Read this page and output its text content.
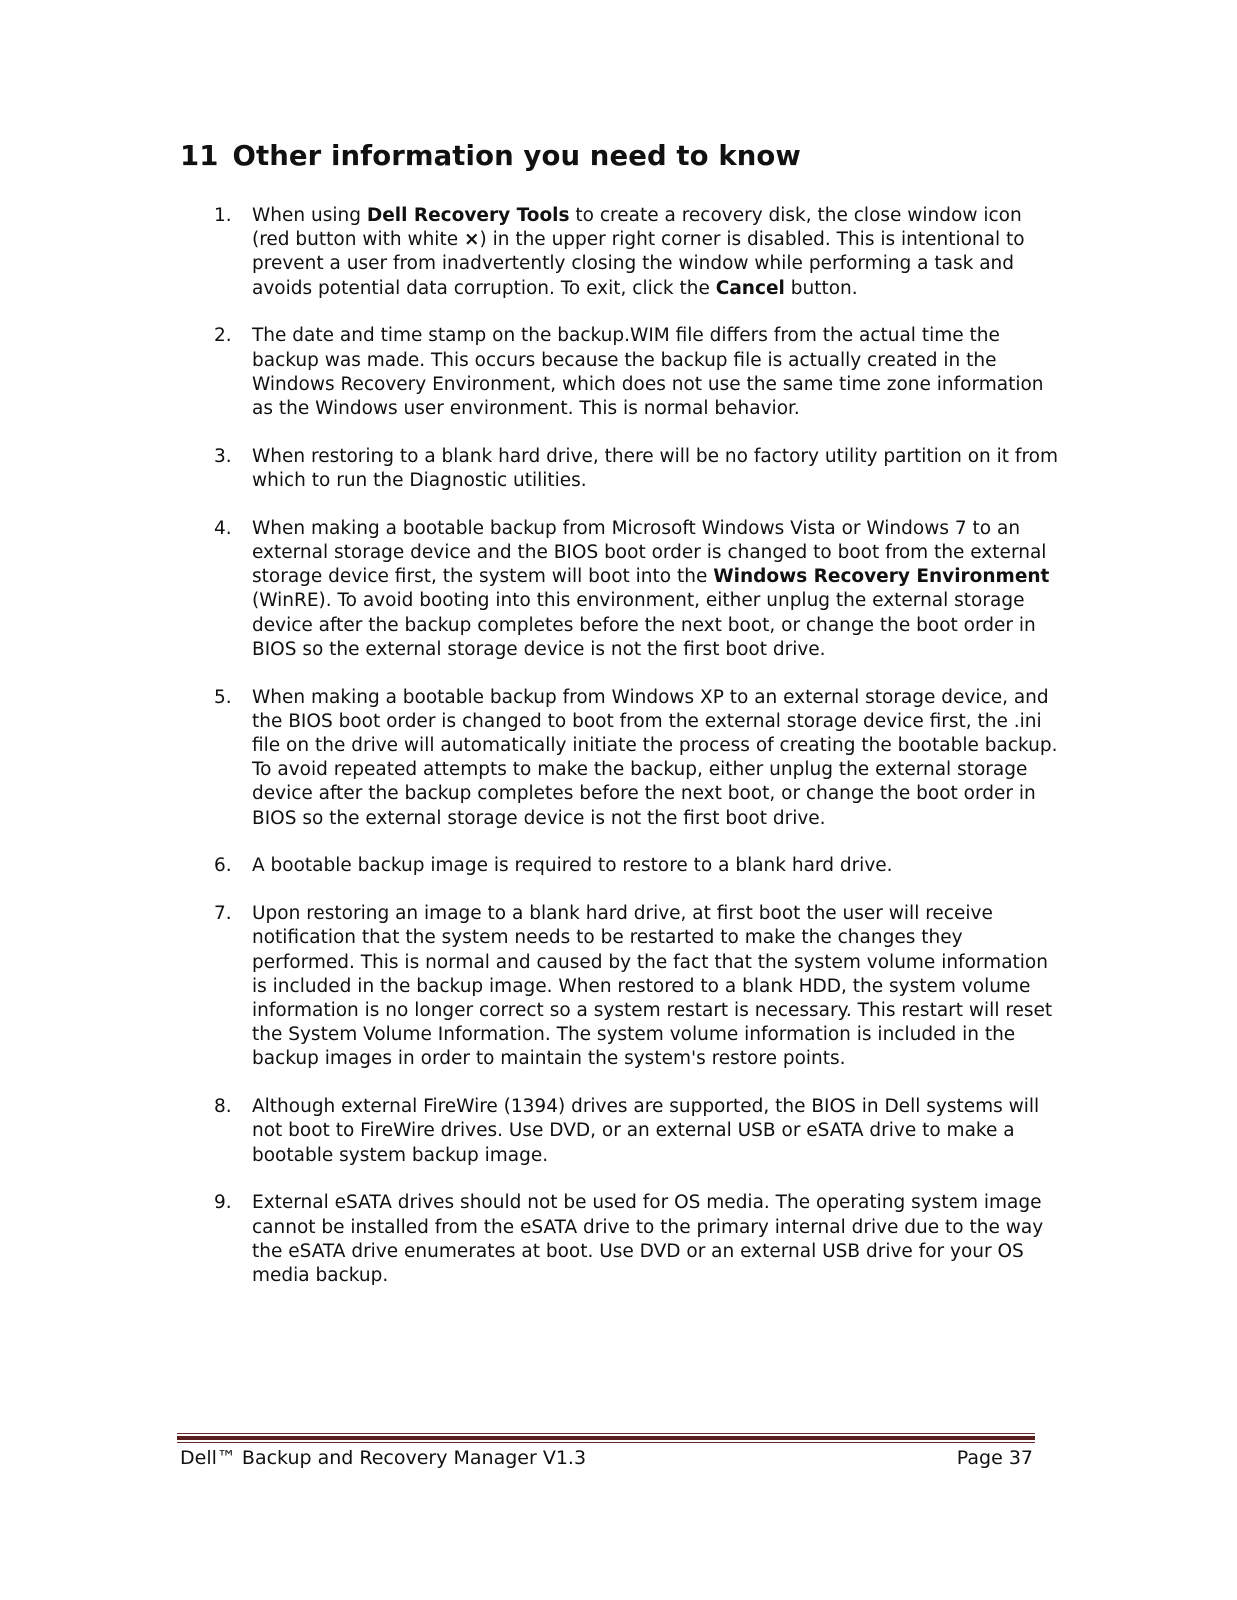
11 Other information you need to know
1. When using Dell Recovery Tools to create a recovery disk, the close window icon (red button with white ×) in the upper right corner is disabled. This is intentional to prevent a user from inadvertently closing the window while performing a task and avoids potential data corruption. To exit, click the Cancel button.
2. The date and time stamp on the backup.WIM file differs from the actual time the backup was made. This occurs because the backup file is actually created in the Windows Recovery Environment, which does not use the same time zone information as the Windows user environment. This is normal behavior.
3. When restoring to a blank hard drive, there will be no factory utility partition on it from which to run the Diagnostic utilities.
4. When making a bootable backup from Microsoft Windows Vista or Windows 7 to an external storage device and the BIOS boot order is changed to boot from the external storage device first, the system will boot into the Windows Recovery Environment (WinRE). To avoid booting into this environment, either unplug the external storage device after the backup completes before the next boot, or change the boot order in BIOS so the external storage device is not the first boot drive.
5. When making a bootable backup from Windows XP to an external storage device, and the BIOS boot order is changed to boot from the external storage device first, the .ini file on the drive will automatically initiate the process of creating the bootable backup. To avoid repeated attempts to make the backup, either unplug the external storage device after the backup completes before the next boot, or change the boot order in BIOS so the external storage device is not the first boot drive.
6. A bootable backup image is required to restore to a blank hard drive.
7. Upon restoring an image to a blank hard drive, at first boot the user will receive notification that the system needs to be restarted to make the changes they performed. This is normal and caused by the fact that the system volume information is included in the backup image. When restored to a blank HDD, the system volume information is no longer correct so a system restart is necessary. This restart will reset the System Volume Information. The system volume information is included in the backup images in order to maintain the system's restore points.
8. Although external FireWire (1394) drives are supported, the BIOS in Dell systems will not boot to FireWire drives. Use DVD, or an external USB or eSATA drive to make a bootable system backup image.
9. External eSATA drives should not be used for OS media. The operating system image cannot be installed from the eSATA drive to the primary internal drive due to the way the eSATA drive enumerates at boot. Use DVD or an external USB drive for your OS media backup.
Dell™ Backup and Recovery Manager V1.3	Page 37
